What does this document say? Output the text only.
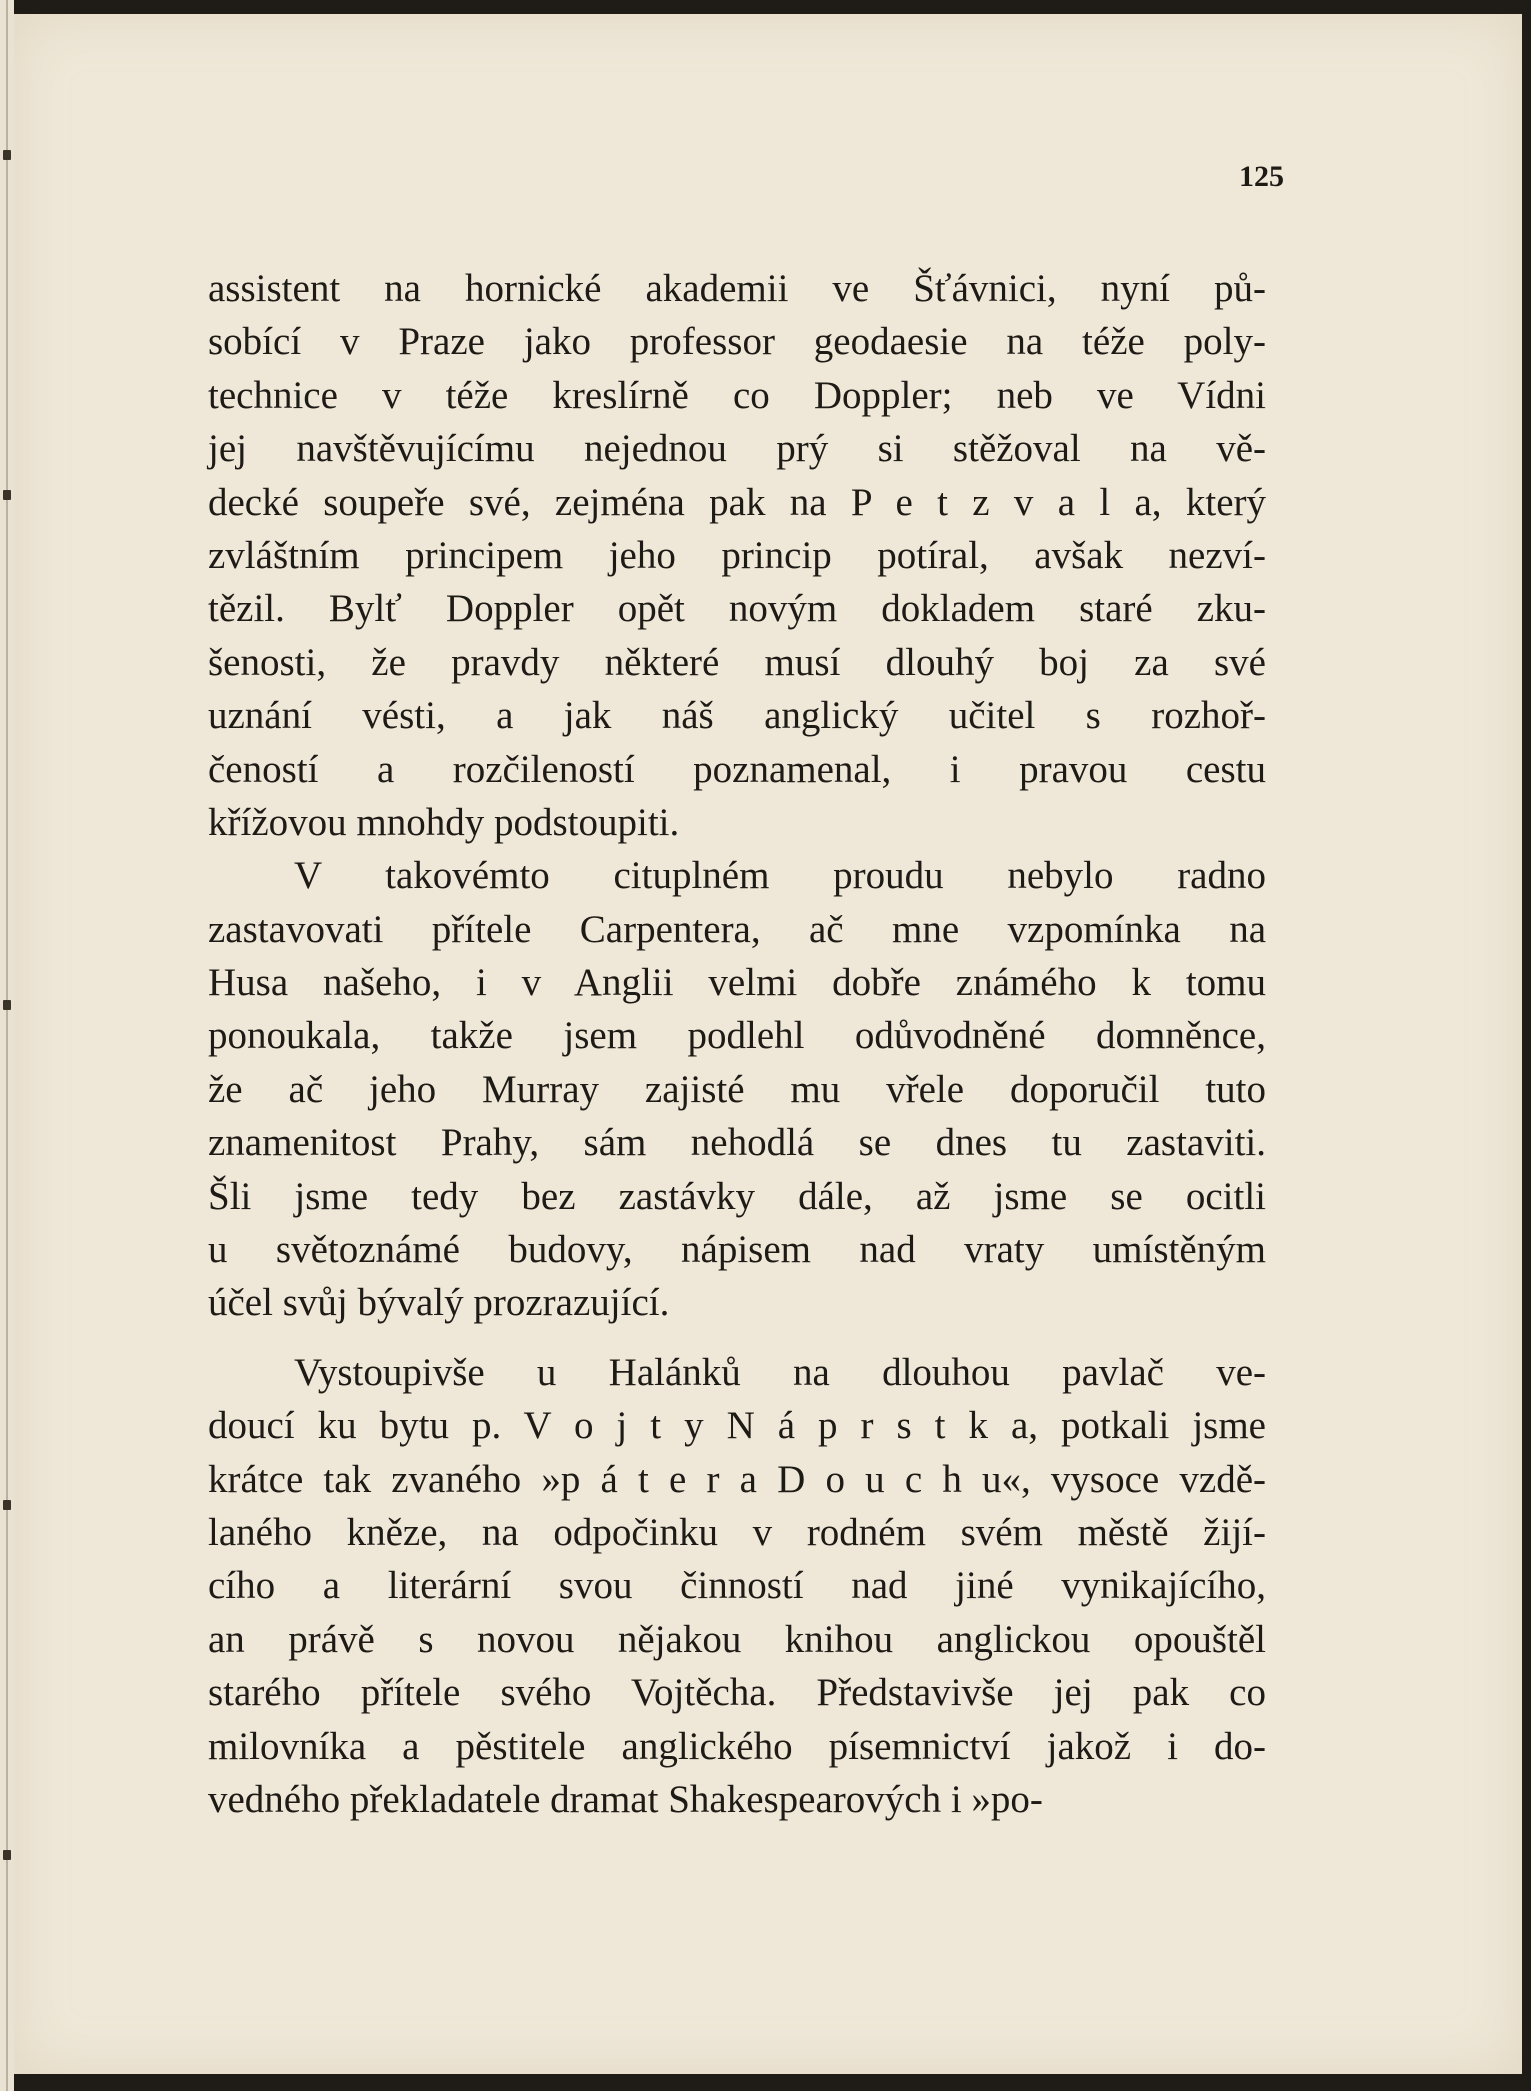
125
assistent na hornické akademii ve Šťávnici, nyní pů-
sobící v Praze jako professor geodaesie na téže poly-
technice v téže kreslírně co Doppler; neb ve Vídni
jej navštěvujícímu nejednou prý si stěžoval na vě-
decké soupeře své, zejména pak na P e t z v a l a, který
zvláštním principem jeho princip potíral, avšak nezví-
tězil. Bylť Doppler opět novým dokladem staré zku-
šenosti, že pravdy některé musí dlouhý boj za své
uznání vésti, a jak náš anglický učitel s rozhoř-
čeností a rozčileností poznamenal, i pravou cestu
křížovou mnohdy podstoupiti.
V takovémto cituplném proudu nebylo radno
zastavovati přítele Carpentera, ač mne vzpomínka na
Husa našeho, i v Anglii velmi dobře známého k tomu
ponoukala, takže jsem podlehl odůvodněné domněnce,
že ač jeho Murray zajisté mu vřele doporučil tuto
znamenitost Prahy, sám nehodlá se dnes tu zastaviti.
Šli jsme tedy bez zastávky dále, až jsme se ocitli
u světoznámé budovy, nápisem nad vraty umístěným
účel svůj bývalý prozrazující.
Vystoupivše u Halánků na dlouhou pavlač ve-
doucí ku bytu p. V o j t y N á p r s t k a, potkali jsme
krátce tak zvaného »p á t e r a D o u c h u«, vysoce vzdě-
laného kněze, na odpočinku v rodném svém městě žijí-
cího a literární svou činností nad jiné vynikajícího,
an právě s novou nějakou knihou anglickou opouštěl
starého přítele svého Vojtěcha. Představivše jej pak co
milovníka a pěstitele anglického písemnictví jakož i do-
vedného překladatele dramat Shakespearových i »po-
